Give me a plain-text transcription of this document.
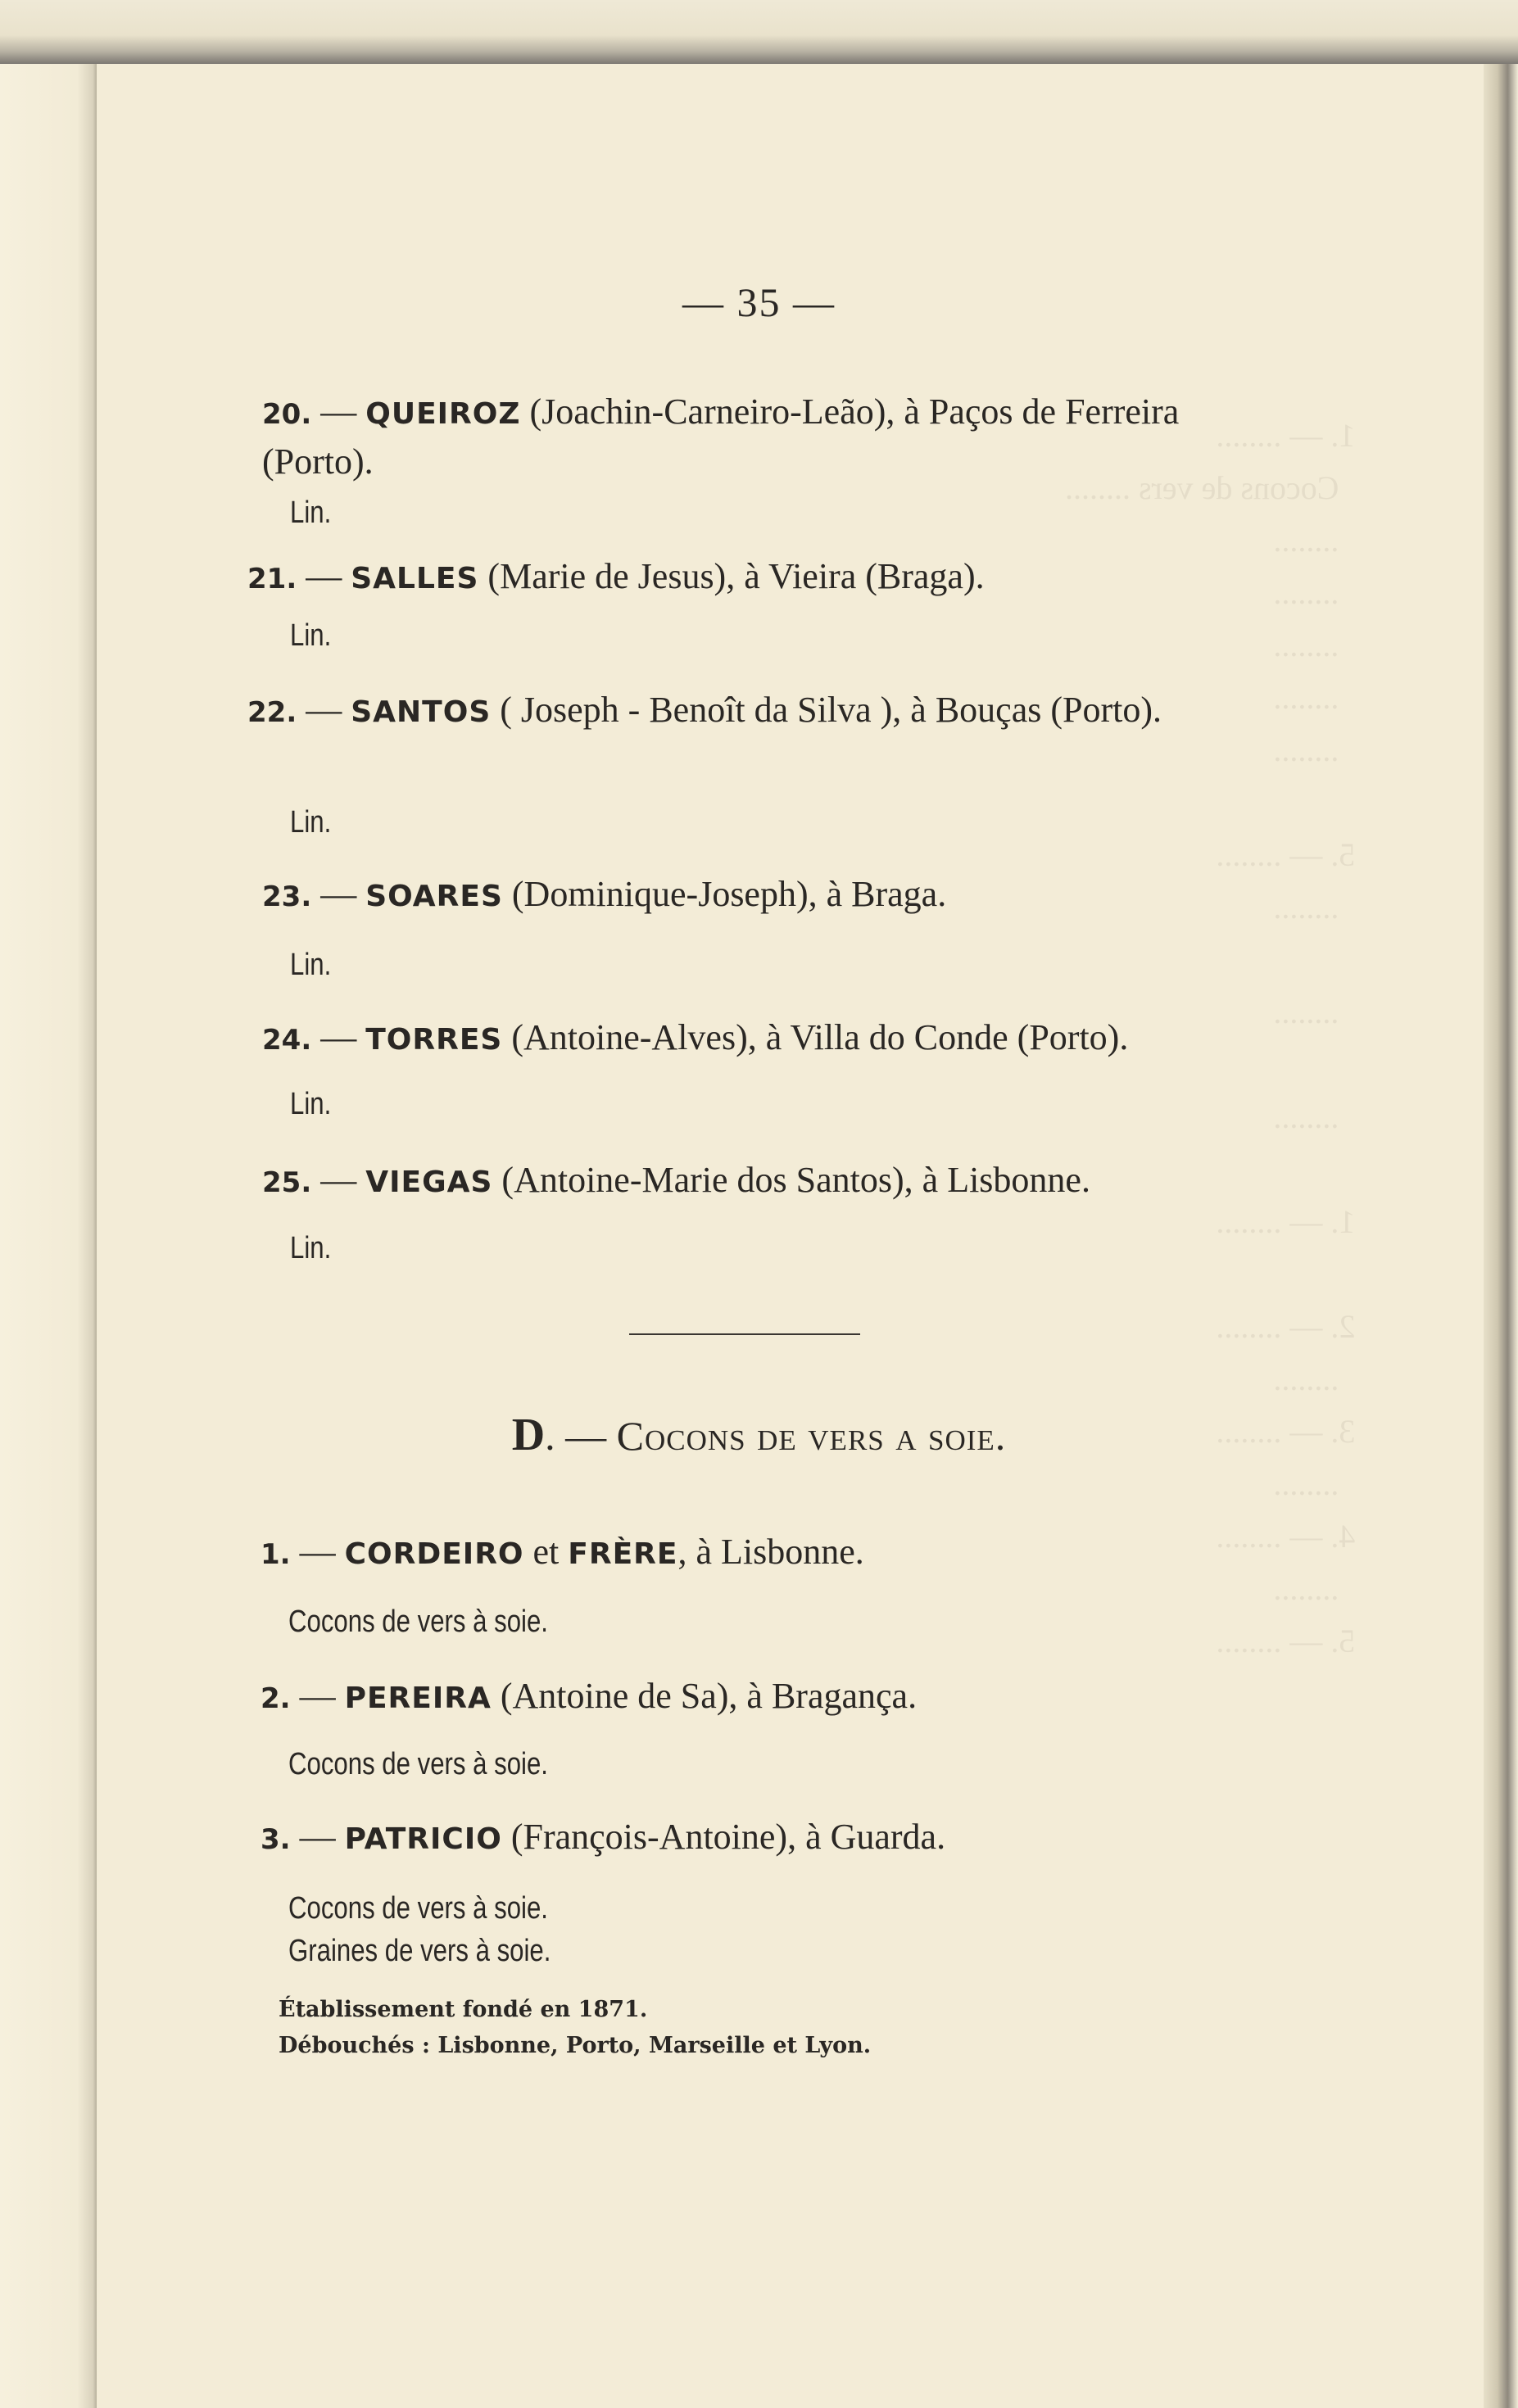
1. — ........
Cocons de vers ........
........
........
........
........
........

5. — ........
........

........

........

1. — ........

2. — ........
........
3. — ........
........
4. — ........
........
5. — ........
— 35 —
20. — QUEIROZ (Joachin-Carneiro-Leão), à Paços de Ferreira (Porto).
Lin.
21. — SALLES (Marie de Jesus), à Vieira (Braga).
Lin.
22. — SANTOS ( Joseph - Benoît da Silva ), à Bouças (Porto).
Lin.
23. — SOARES (Dominique-Joseph), à Braga.
Lin.
24. — TORRES (Antoine-Alves), à Villa do Conde (Porto).
Lin.
25. — VIEGAS (Antoine-Marie dos Santos), à Lisbonne.
Lin.
D. — Cocons de vers a soie.
1. — CORDEIRO et FRÈRE, à Lisbonne.
Cocons de vers à soie.
2. — PEREIRA (Antoine de Sa), à Bragança.
Cocons de vers à soie.
3. — PATRICIO (François-Antoine), à Guarda.
Cocons de vers à soie.
Graines de vers à soie.
Établissement fondé en 1871.
Débouchés : Lisbonne, Porto, Marseille et Lyon.
